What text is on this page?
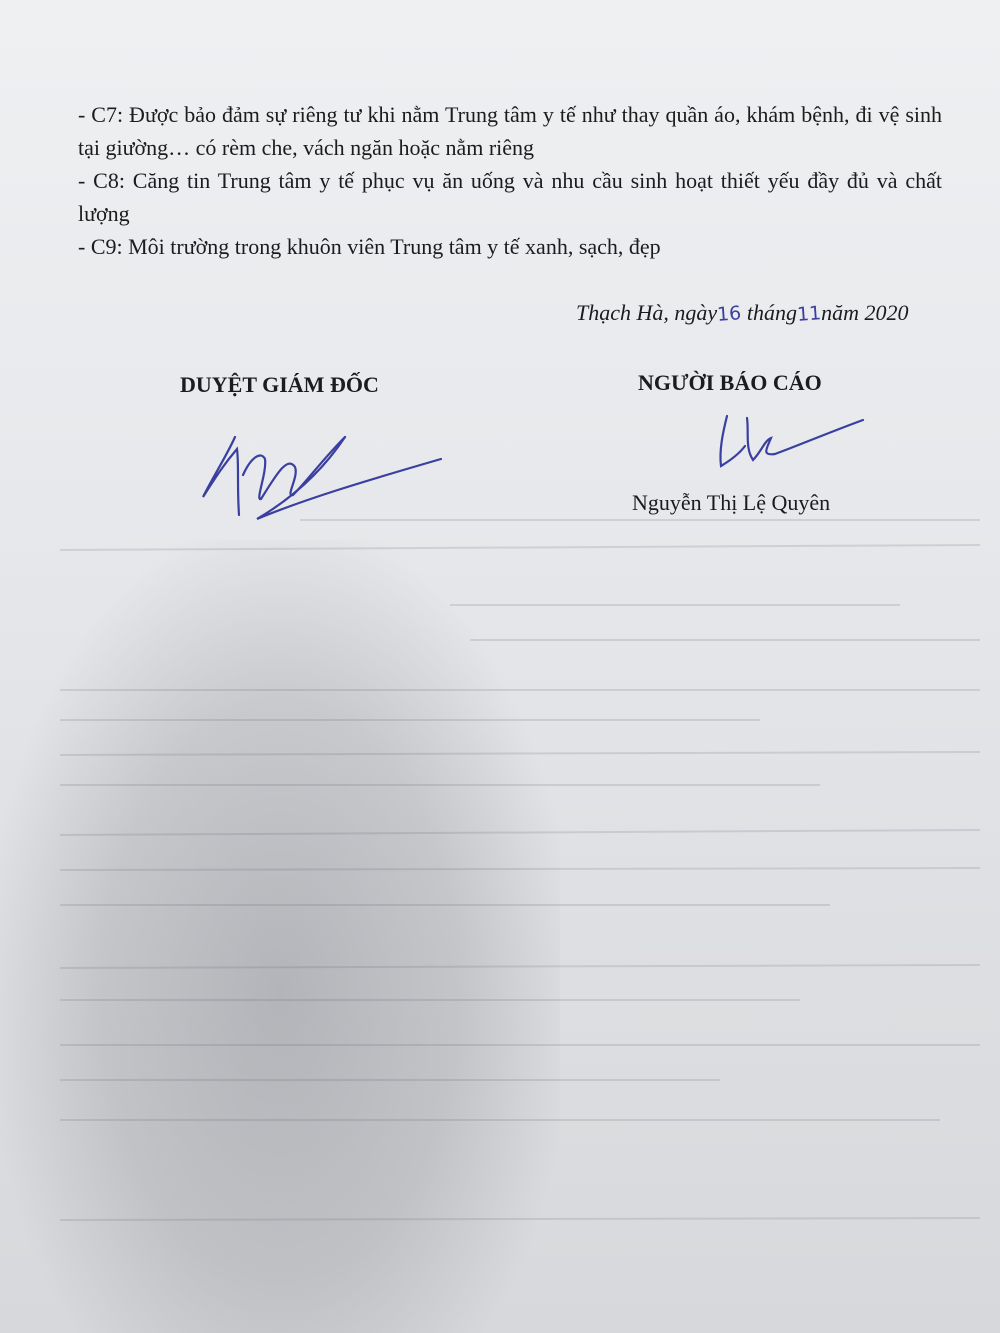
- C7: Được bảo đảm sự riêng tư khi nằm Trung tâm y tế như thay quần áo, khám bệnh, đi vệ sinh tại giường… có rèm che, vách ngăn hoặc nằm riêng

- C8: Căng tin Trung tâm y tế phục vụ ăn uống và nhu cầu sinh hoạt thiết yếu đầy đủ và chất lượng

- C9: Môi trường trong khuôn viên Trung tâm y tế xanh, sạch, đẹp

Thạch Hà, ngày16 tháng11năm 2020
DUYỆT GIÁM ĐỐC	NGƯỜI BÁO CÁO
Nguyễn Thị Lệ Quyên
